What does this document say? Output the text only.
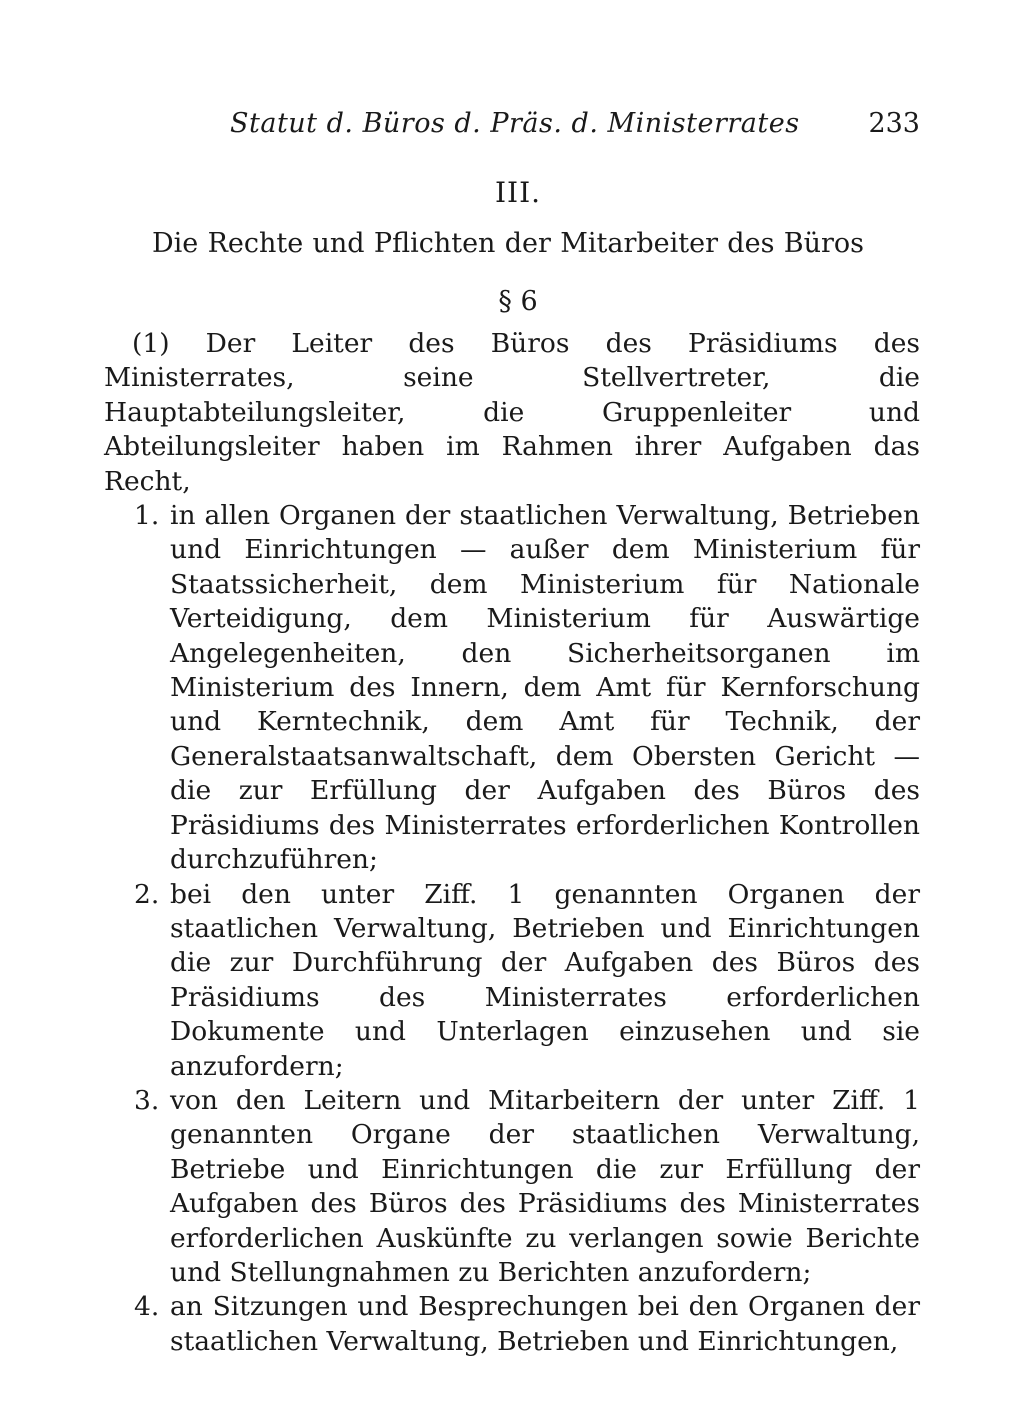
Statut d. Büros d. Präs. d. Ministerrates	233
III.
Die Rechte und Pflichten der Mitarbeiter des Büros
§ 6

(1) Der Leiter des Büros des Präsidiums des Ministerrates, seine Stellvertreter, die Hauptabteilungsleiter, die Gruppenleiter und Abteilungsleiter haben im Rahmen ihrer Aufgaben das Recht,

1. in allen Organen der staatlichen Verwaltung, Betrieben und Einrichtungen — außer dem Ministerium für Staatssicherheit, dem Ministerium für Nationale Verteidigung, dem Ministerium für Auswärtige Angelegenheiten, den Sicherheitsorganen im Ministerium des Innern, dem Amt für Kernforschung und Kerntechnik, dem Amt für Technik, der Generalstaatsanwaltschaft, dem Obersten Gericht — die zur Erfüllung der Aufgaben des Büros des Präsidiums des Ministerrates erforderlichen Kontrollen durchzuführen;
2. bei den unter Ziff. 1 genannten Organen der staatlichen Verwaltung, Betrieben und Einrichtungen die zur Durchführung der Aufgaben des Büros des Präsidiums des Ministerrates erforderlichen Dokumente und Unterlagen einzusehen und sie anzufordern;
3. von den Leitern und Mitarbeitern der unter Ziff. 1 genannten Organe der staatlichen Verwaltung, Betriebe und Einrichtungen die zur Erfüllung der Aufgaben des Büros des Präsidiums des Ministerrates erforderlichen Auskünfte zu verlangen sowie Berichte und Stellungnahmen zu Berichten anzufordern;
4. an Sitzungen und Besprechungen bei den Organen der staatlichen Verwaltung, Betrieben und Einrichtungen,
